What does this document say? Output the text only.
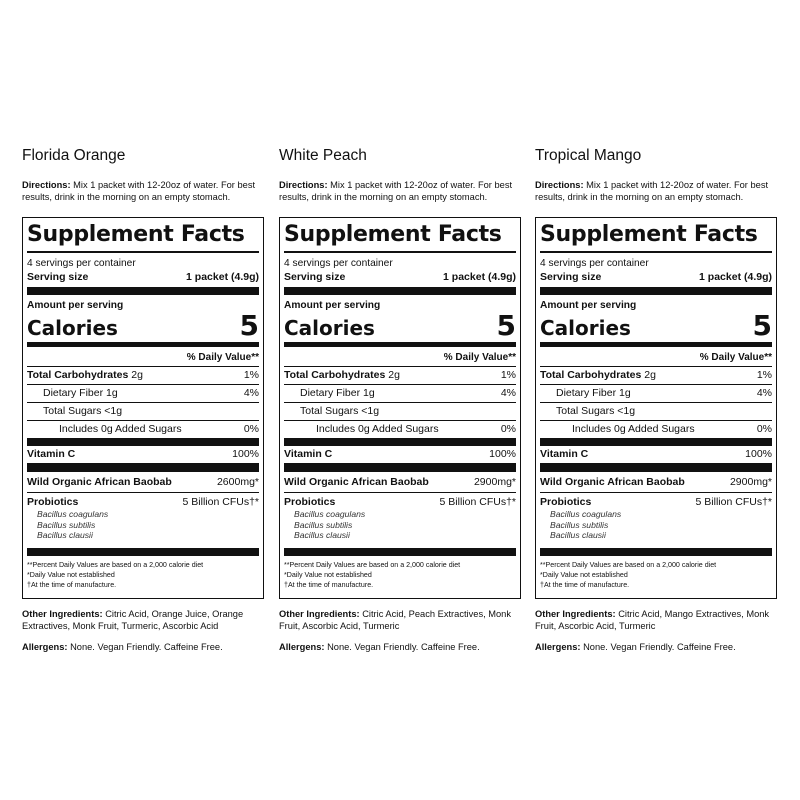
Florida Orange
Directions: Mix 1 packet with 12-20oz of water. For best results, drink in the morning on an empty stomach.
Supplement Facts
4 servings per container
Serving size	1 packet (4.9g)
Amount per serving
Calories	5
% Daily Value**
Total Carbohydrates 2g	1%
Dietary Fiber 1g	4%
Total Sugars <1g
Includes 0g Added Sugars	0%
Vitamin C	100%
Wild Organic African Baobab	2600mg*
Probiotics	5 Billion CFUs†*
Bacillus coagulans
Bacillus subtilis
Bacillus clausii
**Percent Daily Values are based on a 2,000 calorie diet
*Daily Value not established
†At the time of manufacture.
Other Ingredients: Citric Acid, Orange Juice, Orange Extractives, Monk Fruit, Turmeric, Ascorbic Acid
Allergens: None. Vegan Friendly. Caffeine Free.
White Peach
Directions: Mix 1 packet with 12-20oz of water. For best results, drink in the morning on an empty stomach.
Supplement Facts
4 servings per container
Serving size	1 packet (4.9g)
Amount per serving
Calories	5
% Daily Value**
Total Carbohydrates 2g	1%
Dietary Fiber 1g	4%
Total Sugars <1g
Includes 0g Added Sugars	0%
Vitamin C	100%
Wild Organic African Baobab	2900mg*
Probiotics	5 Billion CFUs†*
Bacillus coagulans
Bacillus subtilis
Bacillus clausii
**Percent Daily Values are based on a 2,000 calorie diet
*Daily Value not established
†At the time of manufacture.
Other Ingredients: Citric Acid, Peach Extractives, Monk Fruit, Ascorbic Acid, Turmeric
Allergens: None. Vegan Friendly. Caffeine Free.
Tropical Mango
Directions: Mix 1 packet with 12-20oz of water. For best results, drink in the morning on an empty stomach.
Supplement Facts
4 servings per container
Serving size	1 packet (4.9g)
Amount per serving
Calories	5
% Daily Value**
Total Carbohydrates 2g	1%
Dietary Fiber 1g	4%
Total Sugars <1g
Includes 0g Added Sugars	0%
Vitamin C	100%
Wild Organic African Baobab	2900mg*
Probiotics	5 Billion CFUs†*
Bacillus coagulans
Bacillus subtilis
Bacillus clausii
**Percent Daily Values are based on a 2,000 calorie diet
*Daily Value not established
†At the time of manufacture.
Other Ingredients: Citric Acid, Mango Extractives, Monk Fruit, Ascorbic Acid, Turmeric
Allergens: None. Vegan Friendly. Caffeine Free.
